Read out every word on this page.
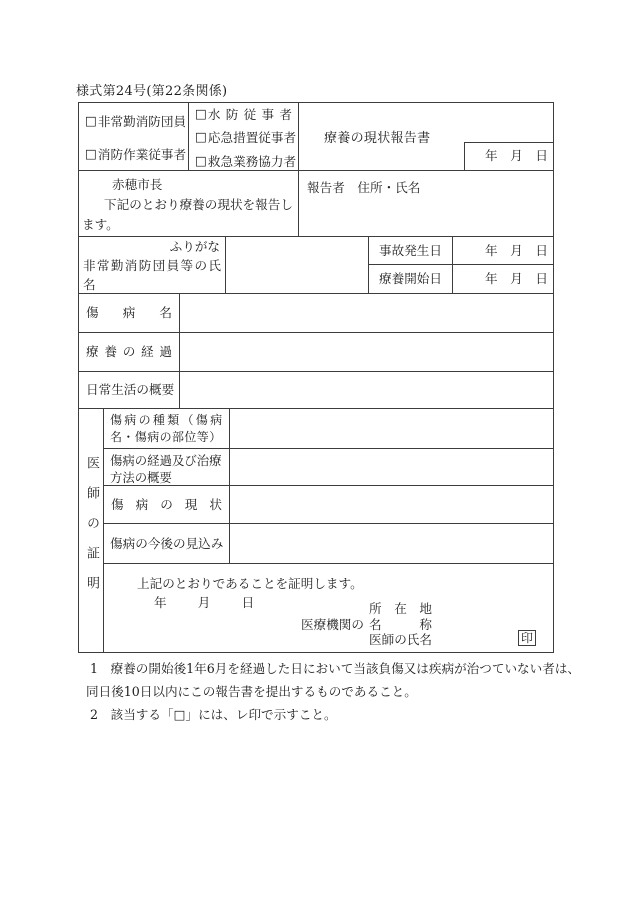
様式第24号(第22条関係)
□ 非常勤消防団員
□ 消防作業従事者
□ 水防従事者
□ 応急措置従事者
□ 救急業務協力者
療養の現状報告書
年　月　日
赤穂市長
下記のとおり療養の現状を報告し
ます。
報告者　住所・氏名
ふりがな
非常勤消防団員等の氏名
事故発生日	年　月　日
療養開始日	年　月　日
傷病名
療養の経過
日常生活の概要
医師の証明
傷病の種類（傷病
名・傷病の部位等）
傷病の経過及び治療
方法の概要
傷病の現状
傷病の今後の見込み
上記のとおりであることを証明します。
年　　月　　日	所　在　地
医療機関の 名　　　称
医師の氏名	印
1　療養の開始後1年6月を経過した日において当該負傷又は疾病が治つていない者は、
同日後10日以内にこの報告書を提出するものであること。
2　該当する「□」には、レ印で示すこと。
